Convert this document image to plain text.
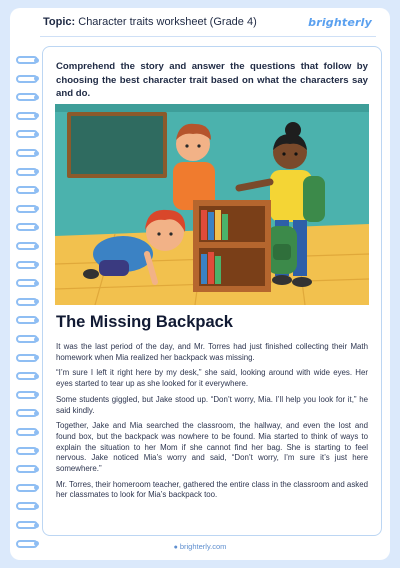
Topic: Character traits worksheet (Grade 4)	brighterly
● brighterly.com
Comprehend the story and answer the questions that follow by choosing the best character trait based on what the characters say and do.
The Missing Backpack

It was the last period of the day, and Mr. Torres had just finished collecting their Math homework when Mia realized her backpack was missing.

“I’m sure I left it right here by my desk,” she said, looking around with wide eyes. Her eyes started to tear up as she looked for it everywhere.

Some students giggled, but Jake stood up. “Don’t worry, Mia. I’ll help you look for it,” he said kindly.

Together, Jake and Mia searched the classroom, the hallway, and even the lost and found box, but the backpack was nowhere to be found. Mia started to think of ways to explain the situation to her Mom if she cannot find her bag. She is starting to feel nervous. Jake noticed Mia’s worry and said, “Don’t worry, I’m sure it’s just here somewhere.”

Mr. Torres, their homeroom teacher, gathered the entire class in the classroom and asked her classmates to look for Mia’s backpack too.
